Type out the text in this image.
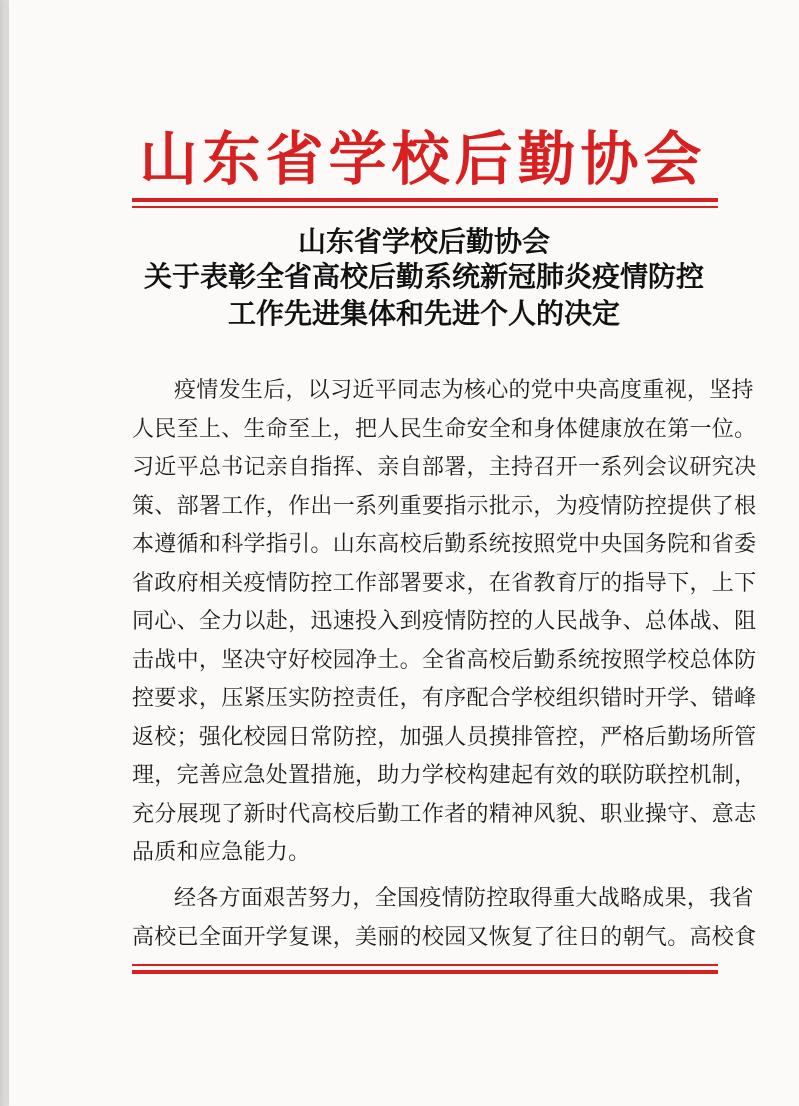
山东省学校后勤协会
山东省学校后勤协会
关于表彰全省高校后勤系统新冠肺炎疫情防控
工作先进集体和先进个人的决定
疫情发生后，以习近平同志为核心的党中央高度重视，坚持
人民至上、生命至上，把人民生命安全和身体健康放在第一位。
习近平总书记亲自指挥、亲自部署，主持召开一系列会议研究决
策、部署工作，作出一系列重要指示批示，为疫情防控提供了根
本遵循和科学指引。山东高校后勤系统按照党中央国务院和省委
省政府相关疫情防控工作部署要求，在省教育厅的指导下，上下
同心、全力以赴，迅速投入到疫情防控的人民战争、总体战、阻
击战中，坚决守好校园净土。全省高校后勤系统按照学校总体防
控要求，压紧压实防控责任，有序配合学校组织错时开学、错峰
返校；强化校园日常防控，加强人员摸排管控，严格后勤场所管
理，完善应急处置措施，助力学校构建起有效的联防联控机制，
充分展现了新时代高校后勤工作者的精神风貌、职业操守、意志
品质和应急能力。
经各方面艰苦努力，全国疫情防控取得重大战略成果，我省
高校已全面开学复课，美丽的校园又恢复了往日的朝气。高校食
